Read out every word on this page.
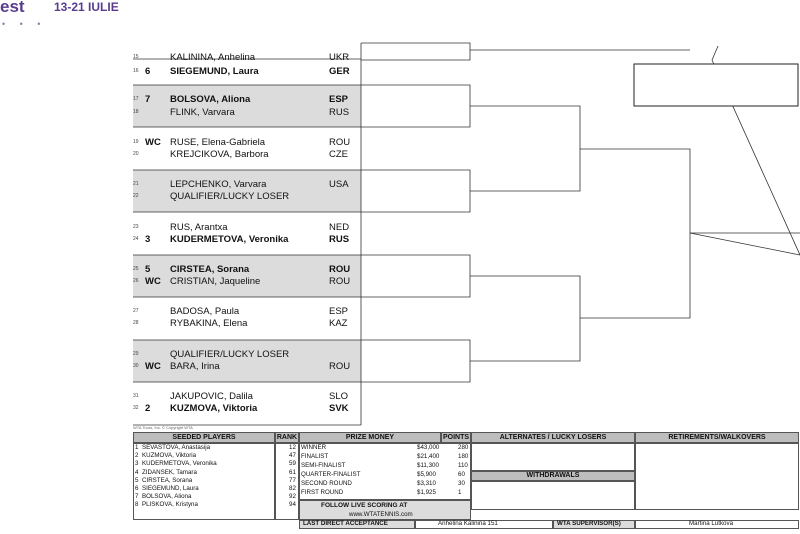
est
• • •
13-21 IULIE
15	KALININA, Anhelina	UKR
16 6	SIEGEMUND, Laura	GER
17 7	BOLSOVA, Aliona	ESP
18	FLINK, Varvara	RUS
19 WC RUSE, Elena-Gabriela	ROU
20	KREJCIKOVA, Barbora	CZE
21	LEPCHENKO, Varvara	USA
22	QUALIFIER/LUCKY LOSER
23	RUS, Arantxa	NED
24 3	KUDERMETOVA, Veronika	RUS
25 5	CIRSTEA, Sorana	ROU
26 WC CRISTIAN, Jaqueline	ROU
27	BADOSA, Paula	ESP
28	RYBAKINA, Elena	KAZ
29	QUALIFIER/LUCKY LOSER
30 WC BARA, Irina	ROU
31	JAKUPOVIC, Dalila	SLO
32 2	KUZMOVA, Viktoria	SVK
WTA Tours, Inc. © Copyright WTA
SEEDED PLAYERS	RANK	PRIZE MONEY	POINTS	ALTERNATES / LUCKY LOSERS	RETIREMENTS/WALKOVERS
WITHDRAWALS
FOLLOW LIVE SCORING AT
www.WTATENNIS.com
LAST DIRECT ACCEPTANCE	Anhelina Kalinina 151	WTA SUPERVISOR(S)	Martina Lutkova
1 SEVASTOVA, Anastasija	12
2 KUZMOVA, Viktoria	47
3 KUDERMETOVA, Veronika	59
4 ZIDANSEK, Tamara	61
5 CIRSTEA, Sorana	77
6 SIEGEMUND, Laura	82
7 BOLSOVA, Aliona	92
8 PLISKOVA, Kristyna	94
WINNER	$43,000	280
FINALIST	$21,400	180
SEMI-FINALIST	$11,300	110
QUARTER-FINALIST	$5,900	60
SECOND ROUND	$3,310	30
FIRST ROUND	$1,925	1
